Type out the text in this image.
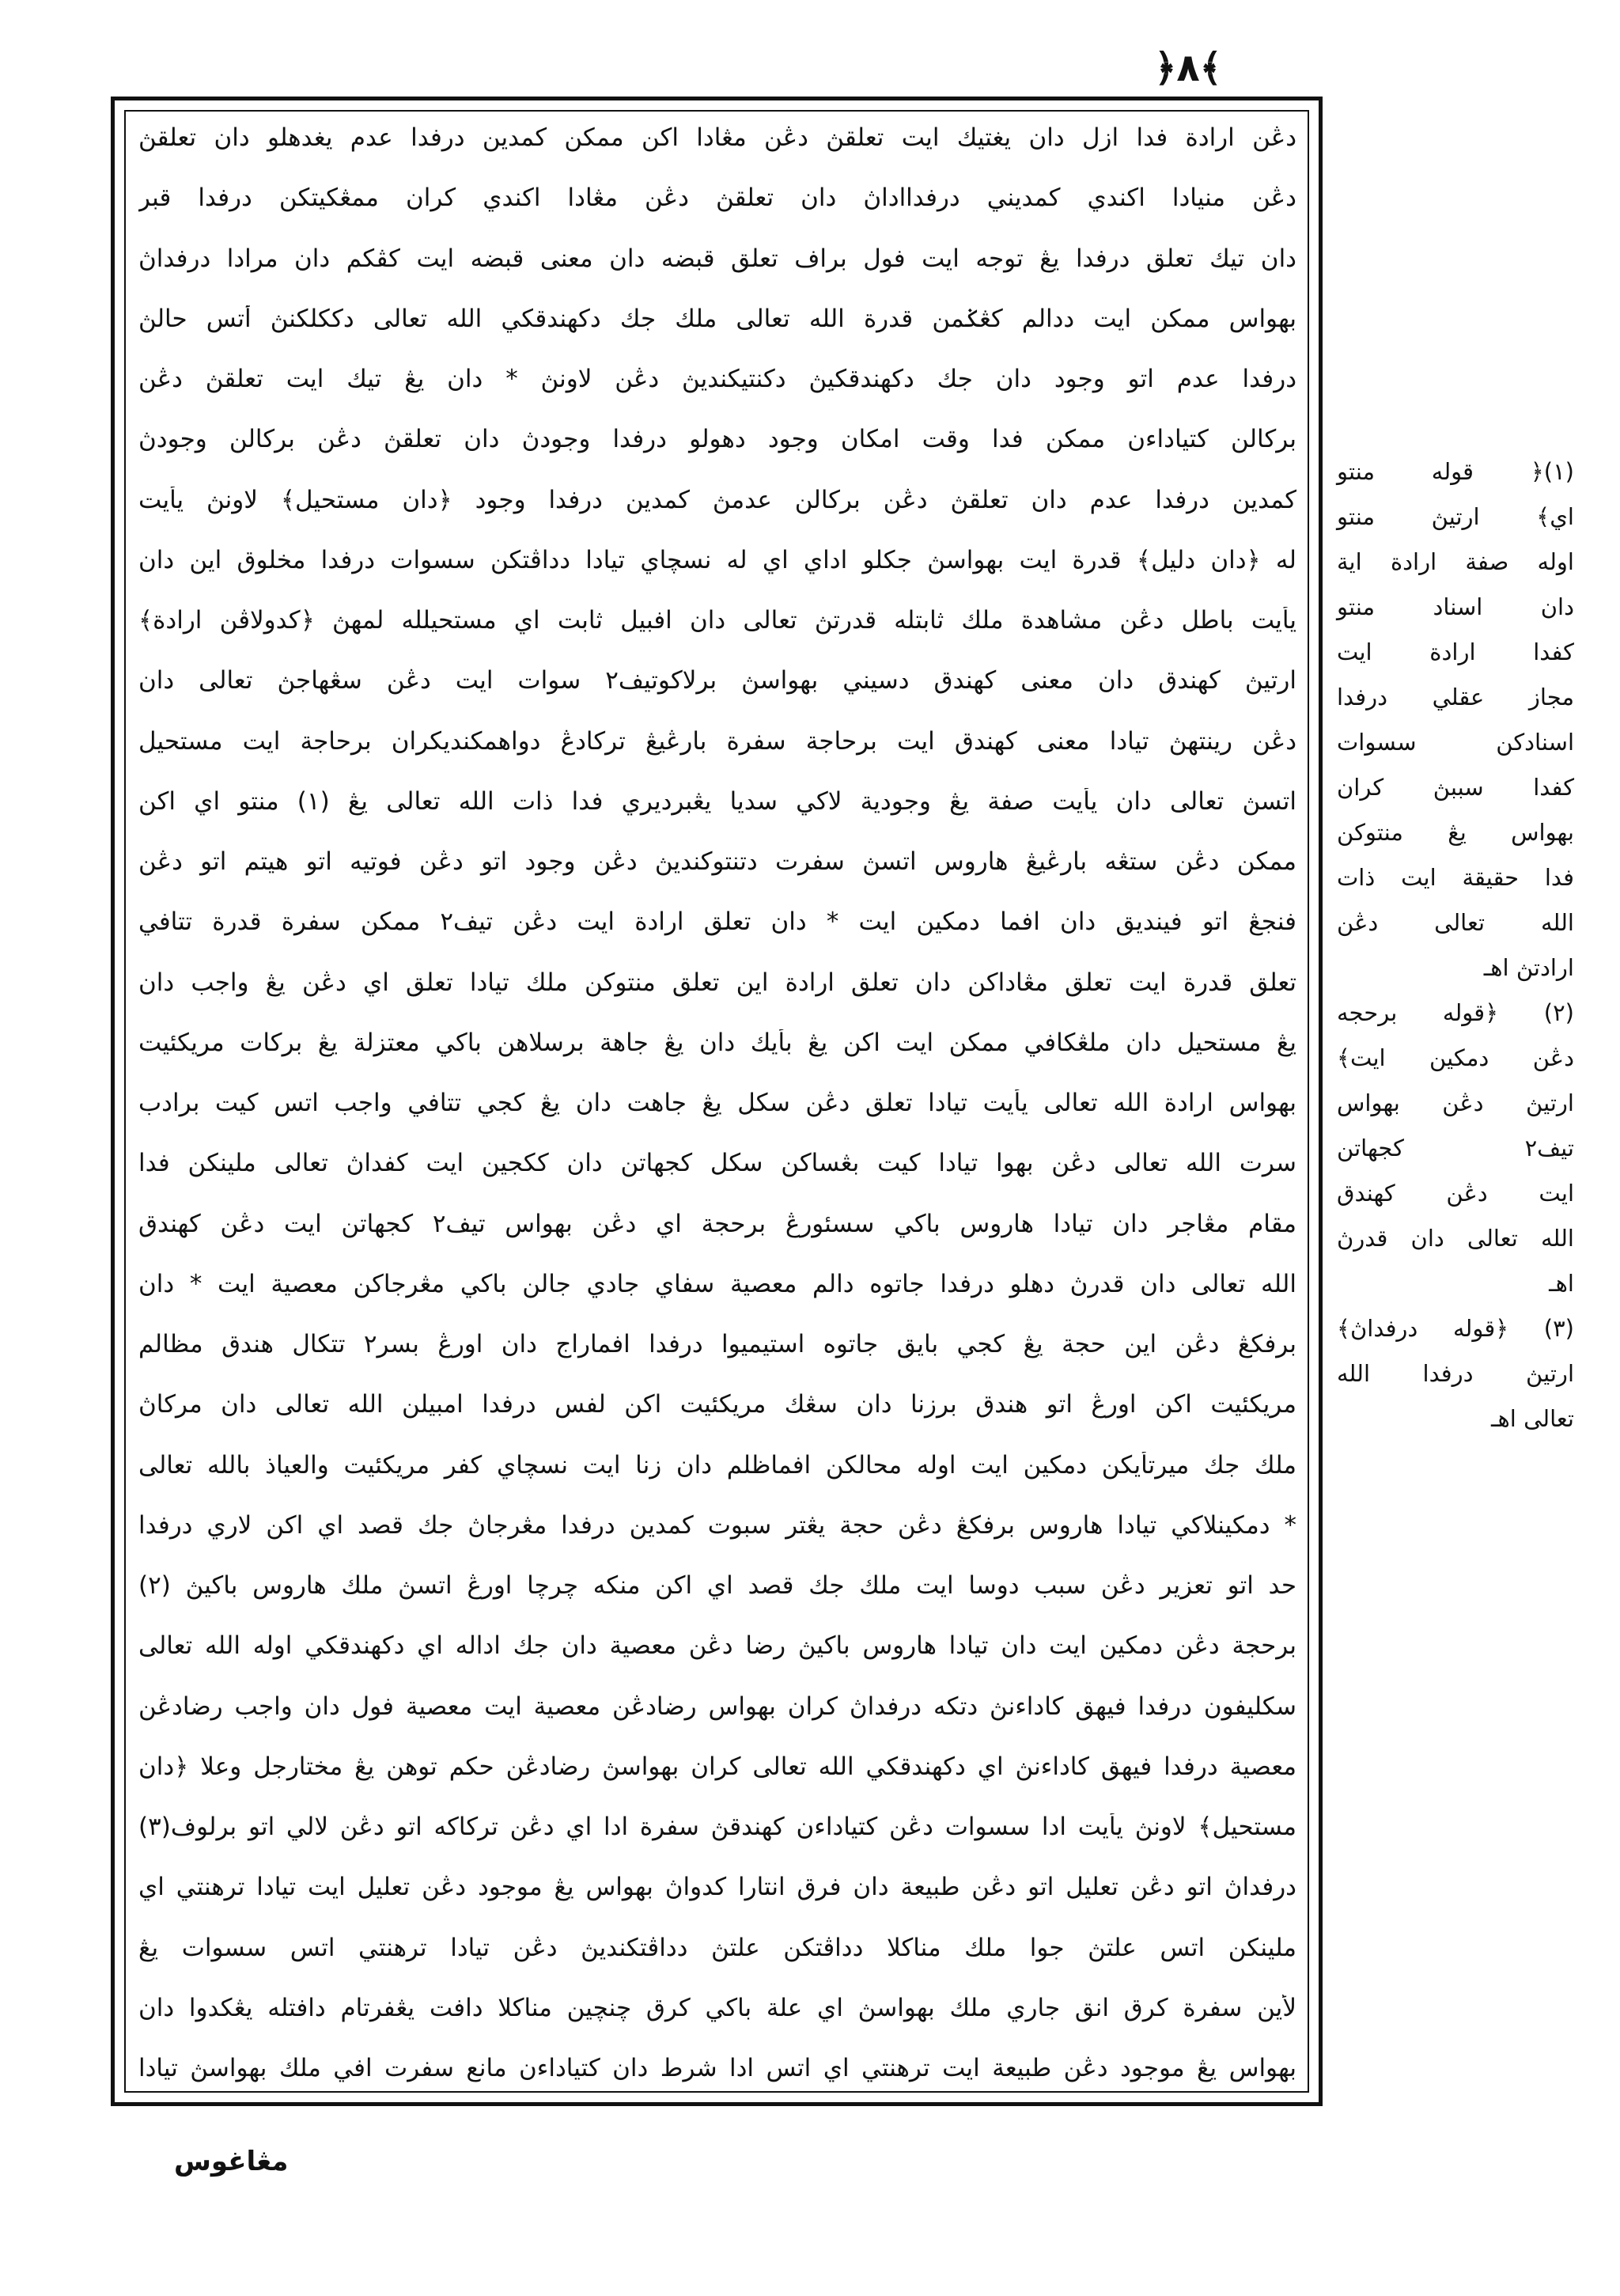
﴿٨﴾
دڠن ارادة فدا ازل دان يغتيك ايت تعلقڽ دڠن مڠادا اكن ممكن كمدين درفدا عدم يغدهلو دان تعلقڽ
دڠن منيادا اكندي كمديني درفدااداڽ دان تعلقڽ دڠن مڠادا اكندي كران ممڠكيتكن درفدا قبر
دان تيك تعلق درفدا يڠ توجه ايت فول براف تعلق قبضه دان معنى قبضه ايت كڤكم دان مرادا درفداڽ
بهواس ممكن ايت ددالم كڠݢمن قدرة الله تعالى ملك جك دكهندقكي الله تعالى دككلكنڽ أتس حالڽ
درفدا عدم اتو وجود دان جك دكهندقكيڽ دكنتيكنديڽ دڠن لاونڽ * دان يڠ تيك ايت تعلقڽ دڠن
بركالن كتياداءن ممكن فدا وقت امكان وجود دهولو درفدا وجودڽ دان تعلقڽ دڠن بركالن وجودڽ
كمدين درفدا عدم دان تعلقڽ دڠن بركالن عدمڽ كمدين درفدا وجود ﴿دان مستحيل﴾ لاونڽ يأيت
له ﴿دان دليل﴾ قدرة ايت بهواسڽ جكلو اداي اي له نسچاي تيادا دداڤتكن سسوات درفدا مخلوق اين دان
يأيت باطل دڠن مشاهدة ملك ثابتله قدرتڽ تعالى دان افبيل ثابت اي مستحيلله لمهڽ ﴿كدولاڤن ارادة﴾
ارتيڽ كهندق دان معنى كهندق دسيني بهواسڽ برلاكوتيف٢ سوات ايت دڠن سڠهاجڽ تعالى دان
دڠن رينتهڽ تيادا معنى كهندق ايت برحاجة سفرة بارڠيڠ تركادڠ دواهمكنديكران برحاجة ايت مستحيل
اتسڽ تعالى دان يأيت صفة يڠ وجودية لاكي سديا يڠبرديري فدا ذات الله تعالى يڠ (١) منتو اي اكن
ممكن دڠن ستڠه بارڠيڠ هاروس اتسڽ سفرت دتنتوكنديڽ دڠن وجود اتو دڠن فوتيه اتو هيتم اتو دڠن
فنجڠ اتو فينديق دان افما دمكين ايت * دان تعلق ارادة ايت دڠن تيف٢ ممكن سفرة قدرة تتافي
تعلق قدرة ايت تعلق مڠاداكن دان تعلق ارادة اين تعلق منتوكن ملك تيادا تعلق اي دڠن يڠ واجب دان
يڠ مستحيل دان ملڠكافي ممكن ايت اكن يڠ بأيك دان يڠ جاهة برسلاهن باكي معتزلة يڠ بركات مريكئيت
بهواس ارادة الله تعالى يأيت تيادا تعلق دڠن سكل يڠ جاهت دان يڠ كجي تتافي واجب اتس كيت برادب
سرت الله تعالى دڠن بهوا تيادا كيت بڠساكن سكل كجهاتن دان ككجين ايت كفداڽ تعالى ملينكن فدا
مقام مڠاجر دان تيادا هاروس باكي سسئورڠ برحجة اي دڠن بهواس تيف٢ كجهاتن ايت دڠن كهندق
الله تعالى دان قدرڽ دهلو درفدا جاتوه دالم معصية سفاي جادي جالن باكي مڠرجاكن معصية ايت * دان
برفكڠ دڠن اين حجة يڠ كجي بايق جاتوه استيميوا درفدا افماراج دان اورڠ بسر٢ تتكال هندق مظالم
مريكئيت اكن اورڠ اتو هندق برزنا دان سڠك مريكئيت اكن لفس درفدا امبيلن الله تعالى دان مركاڽ
ملك جك ميرتأيكن دمكين ايت اوله محالكن افماظلم دان زنا ايت نسچاي كفر مريكئيت والعياذ بالله تعالى
* دمكينلاكي تيادا هاروس برفكڠ دڠن حجة يڠتر سبوت كمدين درفدا مڠرجاڽ جك قصد اي اكن لاري درفدا
حد اتو تعزير دڠن سبب دوسا ايت ملك جك قصد اي اكن منكه چرچا اورڠ اتسڽ ملك هاروس باكيڽ (٢)
برحجة دڠن دمكين ايت دان تيادا هاروس باكيڽ رضا دڠن معصية دان جك اداله اي دكهندقكي اوله الله تعالى
سكليفون درفدا فيهق كاداءنڽ دتكه درفداڽ كران بهواس رضادڠن معصية ايت معصية فول دان واجب رضادڠن
معصية درفدا فيهق كاداءنڽ اي دكهندقكي الله تعالى كران بهواسڽ رضادڠن حكم توهن يڠ مختارجل وعلا ﴿دان
مستحيل﴾ لاونڽ يأيت ادا سسوات دڠن كتياداءن كهندقڽ سفرة ادا اي دڠن تركاكه اتو دڠن لالي اتو برلوف(٣)
درفداڽ اتو دڠن تعليل اتو دڠن طبيعة دان فرق انتارا كدواڽ بهواس يڠ موجود دڠن تعليل ايت تيادا ترهنتي اي
ملينكن اتس علتڽ جوا ملك مناكلا دداڤتكن علتڽ دداڤتكنديڽ دڠن تيادا ترهنتي اتس سسوات يڠ
لأين سفرة كرق انق جاري ملك بهواسڽ اي علة باكي كرق چنچين مناكلا دافت يڠفرتام دافتله يڠكدوا دان
بهواس يڠ موجود دڠن طبيعة ايت ترهنتي اي اتس ادا شرط دان كتياداءن مانع سفرت افي ملك بهواسڽ تيادا
(١)﴿ قوله منتو
اي﴾ ارتيڽ منتو
اوله صفة ارادة اية
دان اسناد منتو
كفدا ارادة ايت
مجاز عقلي درفدا
اسنادكن سسوات
كفدا سببڽ كران
بهواس يڠ منتوكن
فدا حقيقة ايت ذات
الله تعالى دڠن
ارادتڽ اهـ
(٢) ﴿قوله برحجه
دڠن دمكين ايت﴾
ارتيڽ دڠن بهواس
تيف٢ كجهاتن
ايت دڠن كهندق
الله تعالى دان قدرڽ
اهـ
(٣) ﴿قوله درفداڽ﴾
ارتيڽ درفدا الله
تعالى اهـ
مڠاغوس
